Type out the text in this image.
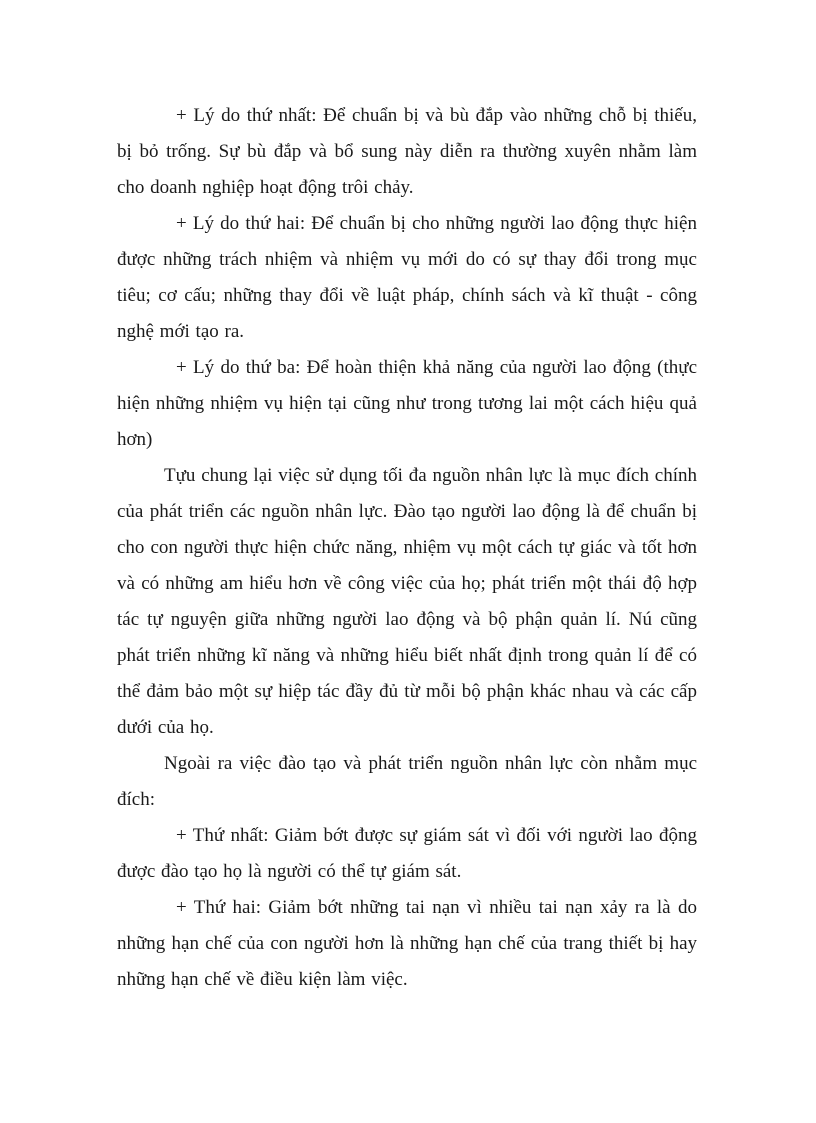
+ Lý do thứ nhất: Để chuẩn bị và bù đắp vào những chỗ bị thiếu, bị bỏ trống. Sự bù đắp và bổ sung này diễn ra thường xuyên nhằm làm cho doanh nghiệp hoạt động trôi chảy.

+ Lý do thứ hai: Để chuẩn bị cho những người lao động thực hiện được những trách nhiệm và nhiệm vụ mới do có sự thay đổi trong mục tiêu; cơ cấu; những thay đổi về luật pháp, chính sách và kĩ thuật - công nghệ mới tạo ra.

+ Lý do thứ ba: Để hoàn thiện khả năng của người lao động (thực hiện những nhiệm vụ hiện tại cũng như trong tương lai một cách hiệu quả hơn)

Tựu chung lại việc sử dụng tối đa nguồn nhân lực là mục đích chính của phát triển các nguồn nhân lực. Đào tạo người lao động là để chuẩn bị cho con người thực hiện chức năng, nhiệm vụ một cách tự giác và tốt hơn và có những am hiểu hơn về công việc của họ; phát triển một thái độ hợp tác tự nguyện giữa những người lao động và bộ phận quản lí. Nú cũng phát triển những kĩ năng và những hiểu biết nhất định trong quản lí để có thể đảm bảo một sự hiệp tác đầy đủ từ mỗi bộ phận khác nhau và các cấp dưới của họ.

Ngoài ra việc đào tạo và phát triển nguồn nhân lực còn nhằm mục đích:

+ Thứ nhất: Giảm bớt được sự giám sát vì đối với người lao động được đào tạo họ là người có thể tự giám sát.

+ Thứ hai: Giảm bớt những tai nạn vì nhiều tai nạn xảy ra là do những hạn chế của con người hơn là những hạn chế của trang thiết bị hay những hạn chế về điều kiện làm việc.
